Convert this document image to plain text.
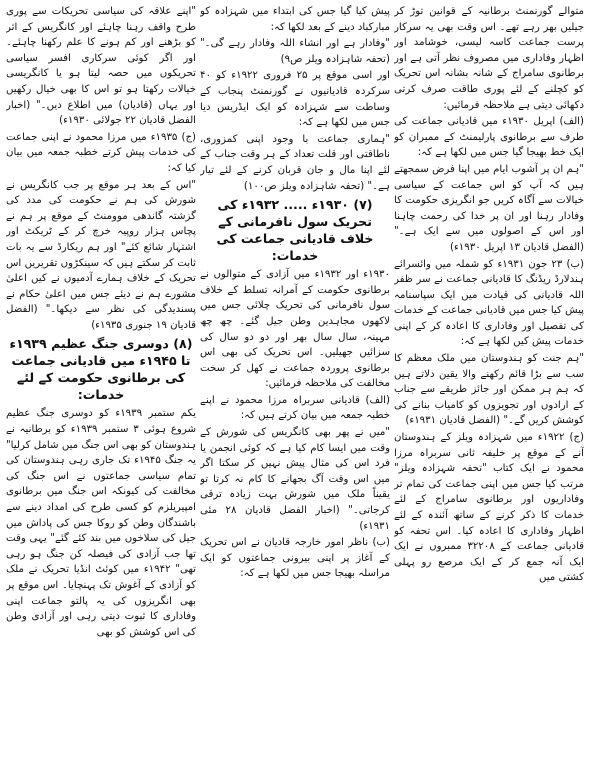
متوالے گورنمنٹ برطانیہ کے قوانین توڑ کر جیلیں بھر رہے تھے۔ اس وقت بھی یہ سرکار پرست جماعت کاسہ لیسی، خوشامد اور اظہار وفاداری میں مصروف نظر آتی ہے اور برطانوی سامراج کے شانہ بشانہ اس تحریک کو کچلنے کے لئے پوری طاقت صرف کرتی دکھائی دیتی ہے ملاحظہ فرمائیں:

(الف) اپریل ۱۹۳۰ء میں قادیانی جماعت کی طرف سے برطانوی پارلیمنٹ کے ممبران کو ایک خط بھیجا گیا جس میں لکھا ہے کہ:

"ہم ان پر آشوب ایام میں اپنا فرض سمجھتے ہیں کہ آپ کو اس جماعت کے سیاسی خیالات سے آگاہ کریں جو انگریزی حکومت کا وفادار رہنا اور ان پر خدا کی رحمت چاہنا اور اس کے اصولوں میں سے ایک ہے۔" (الفضل قادیان ۱۳ اپریل ۱۹۳۰ء)

(ب) ۲۳ جون ۱۹۳۱ء کو شملہ میں وائسرائے ہندلارڈ ریڈنگ کا قادیانی جماعت نے سر ظفر اللہ قادیانی کی قیادت میں ایک سپاسنامہ پیش کیا جس میں قادیانی جماعت کے خدمات کی تفصیل اور وفاداری کا اعادہ کر کے اپنی خدمات پیش کیں لکھا ہے کہ:

"ہم جنت کو ہندوستان میں ملک معظم کا سب سے بڑا قائم رکھنے والا یقین دلاتے ہیں کہ ہم ہر ممکن اور جائز طریقے سے جناب کے ارادوں اور تجویزوں کو کامیاب بنانے کی کوشش کریں گے۔" (الفضل قادیان ۱۹۳۱ء)

(ج) ۱۹۲۲ء میں شہزادہ ویلز کے ہندوستان آنے کے موقع پر خلیفہ ثانی سربراہ مرزا محمود نے ایک کتاب "تحفہ شہزادہ ویلز" مرتب کیا جس میں اپنی جماعت کی تمام تر وفاداریوں اور برطانوی سامراج کے لئے خدمات کا ذکر کرنے کے ساتھ آئندہ کے لئے اظہار وفاداری کا اعادہ کیا۔ اس تحفہ کو قادیانی جماعت کے ۳۲۲۰۸ ممبروں نے ایک ایک آنہ جمع کر کے ایک مرصع رو پہلی کشتی میں

پیش کیا گیا جس کی ابتداء میں شہزادہ کو مبارکباد دینے کے بعد لکھا کہ:

"وفادار ہے اور انشاء اللہ وفادار رہے گی۔" (تحفہ شاہزادہ ویلز ص۹)

اور اسی موقع پر ۲۵ فروری ۱۹۲۲ء کو ۴۰ سرکردہ قادیانیوں نے گورنمنٹ پنجاب کے وساطت سے شہزادہ کو ایک ایڈریس دیا جس میں لکھا ہے کہ:

"ہماری جماعت با وجود اپنی کمزوری، ناطاقتی اور قلت تعداد کے ہر وقت جناب کے لئے اپنا مال و جان قربان کرنے کے لئے تیار ہے۔" (تحفہ شاہزادہ ویلز ص۱۰۰)

(۷) ۱۹۳۰ء ..... ۱۹۳۲ء کی تحریک سول نافرمانی کے خلاف قادیانی جماعت کی خدمات:

۱۹۳۰ء اور ۱۹۳۲ء میں آزادی کے متوالوں نے برطانوی حکومت کے آمرانہ تسلط کے خلاف سول نافرمانی کی تحریک چلائی جس میں لاکھوں مجاہدین وطن جیل گئے۔ چھ چھ مہینہ، سال سال بھر اور دو دو سال کی سزائیں جھیلیں۔ اس تحریک کی بھی اس برطانوی پروردہ جماعت نے کھل کر سخت مخالفت کی ملاحظہ فرمائیں:

(الف) قادیانی سربراہ مرزا محمود نے اپنے خطبہ جمعہ میں بیان کرتے ہیں کہ:

"میں نے پھر بھی کانگریس کی شورش کے وقت میں ایسا کام کیا ہے کہ کوئی انجمن یا فرد اس کی مثال پیش نہیں کر سکتا اگر میں اس وقت آگ بجھانے کا کام نہ کرتا تو یقیناً ملک میں شورش بہت زیادہ ترقی کرجاتی۔" (اخبار الفضل قادیان ۲۸ مئی ۱۹۳۱ء)

(ب) ناظر امور خارجہ قادیان نے اس تحریک کے آغاز پر اپنی بیرونی جماعتوں کو ایک مراسلہ بھیجا جس میں لکھا ہے کہ:

"اپنے علاقہ کی سیاسی تحریکات سے پوری طرح واقف رہنا چاہئے اور کانگریس کے اثر کو بڑھنے اور کم ہونے کا علم رکھنا چاہئے۔ اور اگر کوئی سرکاری افسر سیاسی تحریکوں میں حصہ لیتا ہو یا کانگریسی خیالات رکھتا ہو تو اس کا بھی خیال رکھیں اور یہاں (قادیان) میں اطلاع دیں۔" (اخبار الفضل قادیان ۲۲ جولائی ۱۹۳۰ء)

(ج) ۱۹۳۵ء میں مرزا محمود نے اپنی جماعت کی خدمات پیش کرتے خطبہ جمعہ میں بیان کیا کہ:

"اس کے بعد ہر موقع پر جب کانگریس نے شورش کی ہم نے حکومت کی مدد کی گزشتہ گاندھی موومنٹ کے موقع پر ہم نے پچاس ہزار روپیہ خرچ کر کے ٹریکٹ اور اشتہار شائع کئے" اور ہم ریکارڈ سے یہ بات ثابت کر سکتے ہیں کہ سینکڑوں تقریریں اس تحریک کے خلاف ہمارے آدمیوں نے کیں اعلیٰ مشورے ہم نے دیئے جس میں اعلیٰ حکام نے پسندیدگی کی نظر سے دیکھا۔" (الفضل قادیان ۱۹ جنوری ۱۹۳۵ء)

(۸) دوسری جنگ عظیم ۱۹۳۹ء تا ۱۹۴۵ء میں قادیانی جماعت کی برطانوی حکومت کے لئے خدمات:

یکم ستمبر ۱۹۳۹ء کو دوسری جنگ عظیم شروع ہوئی ۳ ستمبر ۱۹۳۹ء کو برطانیہ نے ہندوستان کو بھی اس جنگ میں شامل کرلیا" یہ جنگ ۱۹۴۵ء تک جاری رہی ہندوستان کی تمام سیاسی جماعتوں نے اس جنگ کی مخالفت کی کیونکہ اس جنگ میں برطانوی امپیریلزم کو کسی طرح کی امداد دینے سے باشندگان وطن کو روکا جس کی پاداش میں جیل کی سلاخوں میں بند کئے گئے" یہی وقت تھا جب آزادی کی فیصلہ کن جنگ ہو رہی تھی" ۱۹۴۲ء میں کوئٹ انڈیا تحریک نے ملک کو آزادی کے آغوش تک پہنچایا۔ اس موقع پر بھی انگریزوں کی یہ پالتو جماعت اپنی وفاداری کا ثبوت دیتی رہی اور آزادی وطن کی اس کوشش کو بھی
